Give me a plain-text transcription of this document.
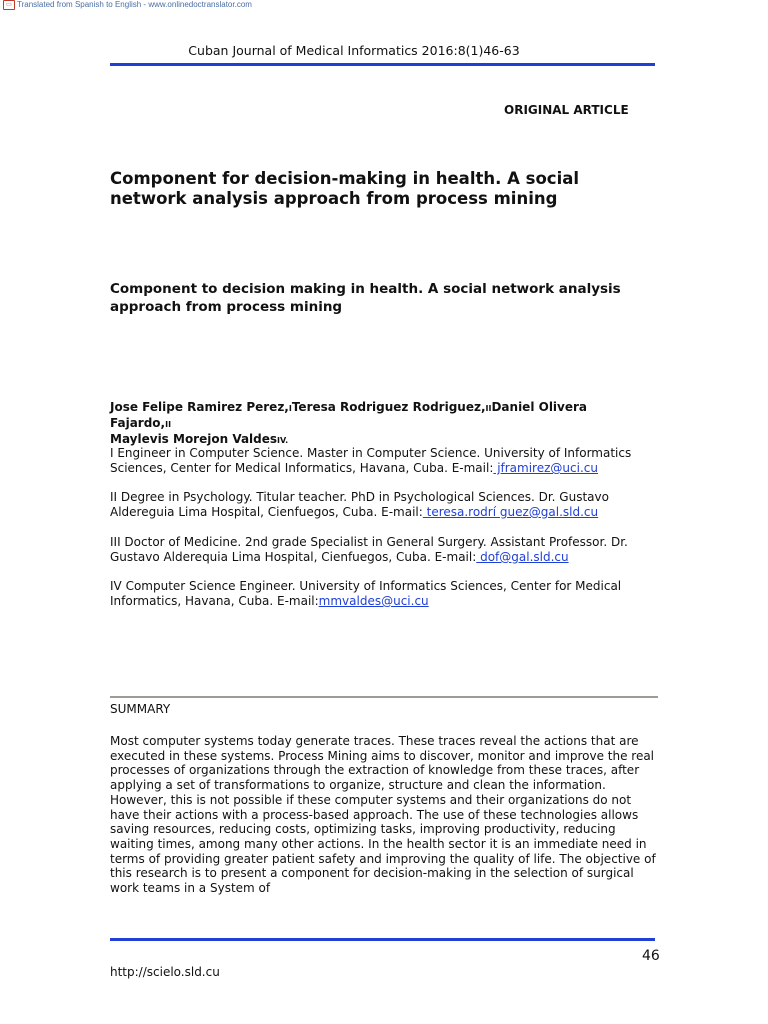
▭ Translated from Spanish to English - www.onlinedoctranslator.com
Cuban Journal of Medical Informatics 2016:8(1)46-63
ORIGINAL ARTICLE
Component for decision-making in health. A social network analysis approach from process mining
Component to decision making in health. A social network analysis approach from process mining
Jose Felipe Ramirez Perez,ITeresa Rodriguez Rodriguez,IIDaniel Olivera Fajardo,II
Maylevis Morejon ValdesIV.
I Engineer in Computer Science. Master in Computer Science. University of Informatics Sciences, Center for Medical Informatics, Havana, Cuba. E-mail: jframirez@uci.cu
II Degree in Psychology. Titular teacher. PhD in Psychological Sciences. Dr. Gustavo Aldereguia Lima Hospital, Cienfuegos, Cuba. E-mail: teresa.rodrí guez@gal.sld.cu
III Doctor of Medicine. 2nd grade Specialist in General Surgery. Assistant Professor. Dr. Gustavo Alderequia Lima Hospital, Cienfuegos, Cuba. E-mail: dof@gal.sld.cu
IV Computer Science Engineer. University of Informatics Sciences, Center for Medical Informatics, Havana, Cuba. E-mail:mmvaldes@uci.cu
SUMMARY
Most computer systems today generate traces. These traces reveal the actions that are executed in these systems. Process Mining aims to discover, monitor and improve the real processes of organizations through the extraction of knowledge from these traces, after applying a set of transformations to organize, structure and clean the information. However, this is not possible if these computer systems and their organizations do not have their actions with a process-based approach. The use of these technologies allows saving resources, reducing costs, optimizing tasks, improving productivity, reducing waiting times, among many other actions. In the health sector it is an immediate need in terms of providing greater patient safety and improving the quality of life. The objective of this research is to present a component for decision-making in the selection of surgical work teams in a System of
46
http://scielo.sld.cu
